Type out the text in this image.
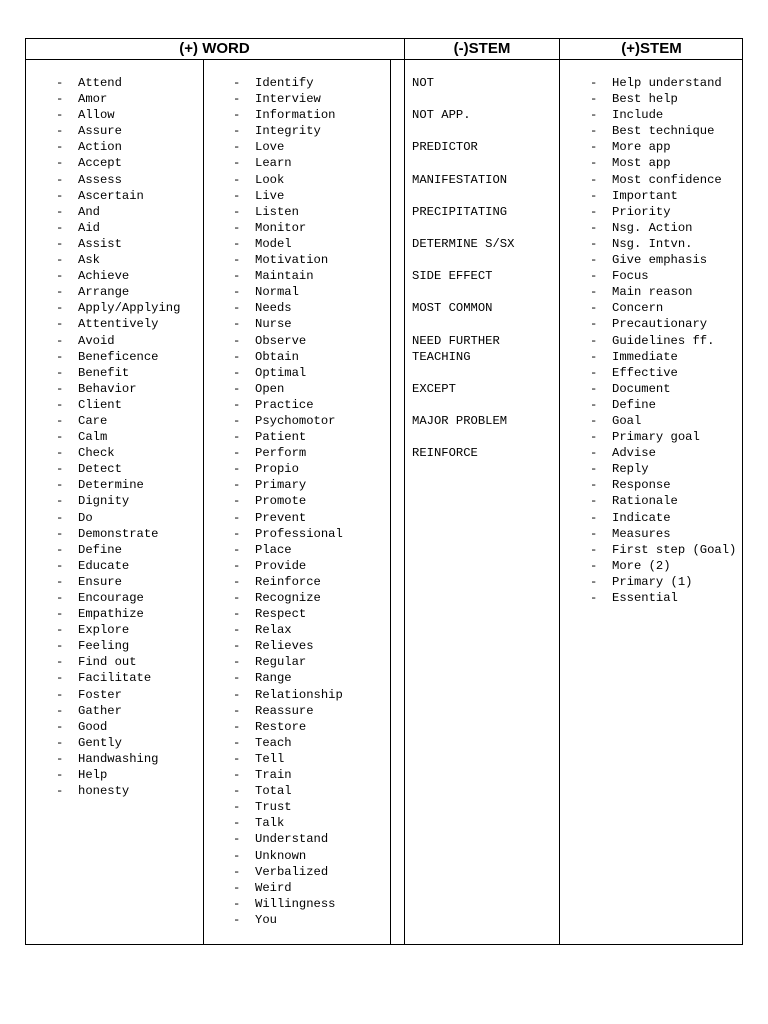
(+) WORD	(-)STEM	(+)STEM
- Attend
- Amor
- Allow
- Assure
- Action
- Accept
- Assess
- Ascertain
- And
- Aid
- Assist
- Ask
- Achieve
- Arrange
- Apply/Applying
- Attentively
- Avoid
- Beneficence
- Benefit
- Behavior
- Client
- Care
- Calm
- Check
- Detect
- Determine
- Dignity
- Do
- Demonstrate
- Define
- Educate
- Ensure
- Encourage
- Empathize
- Explore
- Feeling
- Find out
- Facilitate
- Foster
- Gather
- Good
- Gently
- Handwashing
- Help
- honesty
- Identify
- Interview
- Information
- Integrity
- Love
- Learn
- Look
- Live
- Listen
- Monitor
- Model
- Motivation
- Maintain
- Normal
- Needs
- Nurse
- Observe
- Obtain
- Optimal
- Open
- Practice
- Psychomotor
- Patient
- Perform
- Propio
- Primary
- Promote
- Prevent
- Professional
- Place
- Provide
- Reinforce
- Recognize
- Respect
- Relax
- Relieves
- Regular
- Range
- Relationship
- Reassure
- Restore
- Teach
- Tell
- Train
- Total
- Trust
- Talk
- Understand
- Unknown
- Verbalized
- Weird
- Willingness
- You
NOT
NOT APP.
PREDICTOR
MANIFESTATION
PRECIPITATING
DETERMINE S/SX
SIDE EFFECT
MOST COMMON
NEED FURTHER TEACHING
EXCEPT
MAJOR PROBLEM
REINFORCE
- Help understand
- Best help
- Include
- Best technique
- More app
- Most app
- Most confidence
- Important
- Priority
- Nsg. Action
- Nsg. Intvn.
- Give emphasis
- Focus
- Main reason
- Concern
- Precautionary
- Guidelines ff.
- Immediate
- Effective
- Document
- Define
- Goal
- Primary goal
- Advise
- Reply
- Response
- Rationale
- Indicate
- Measures
- First step (Goal)
- More (2)
- Primary (1)
- Essential
